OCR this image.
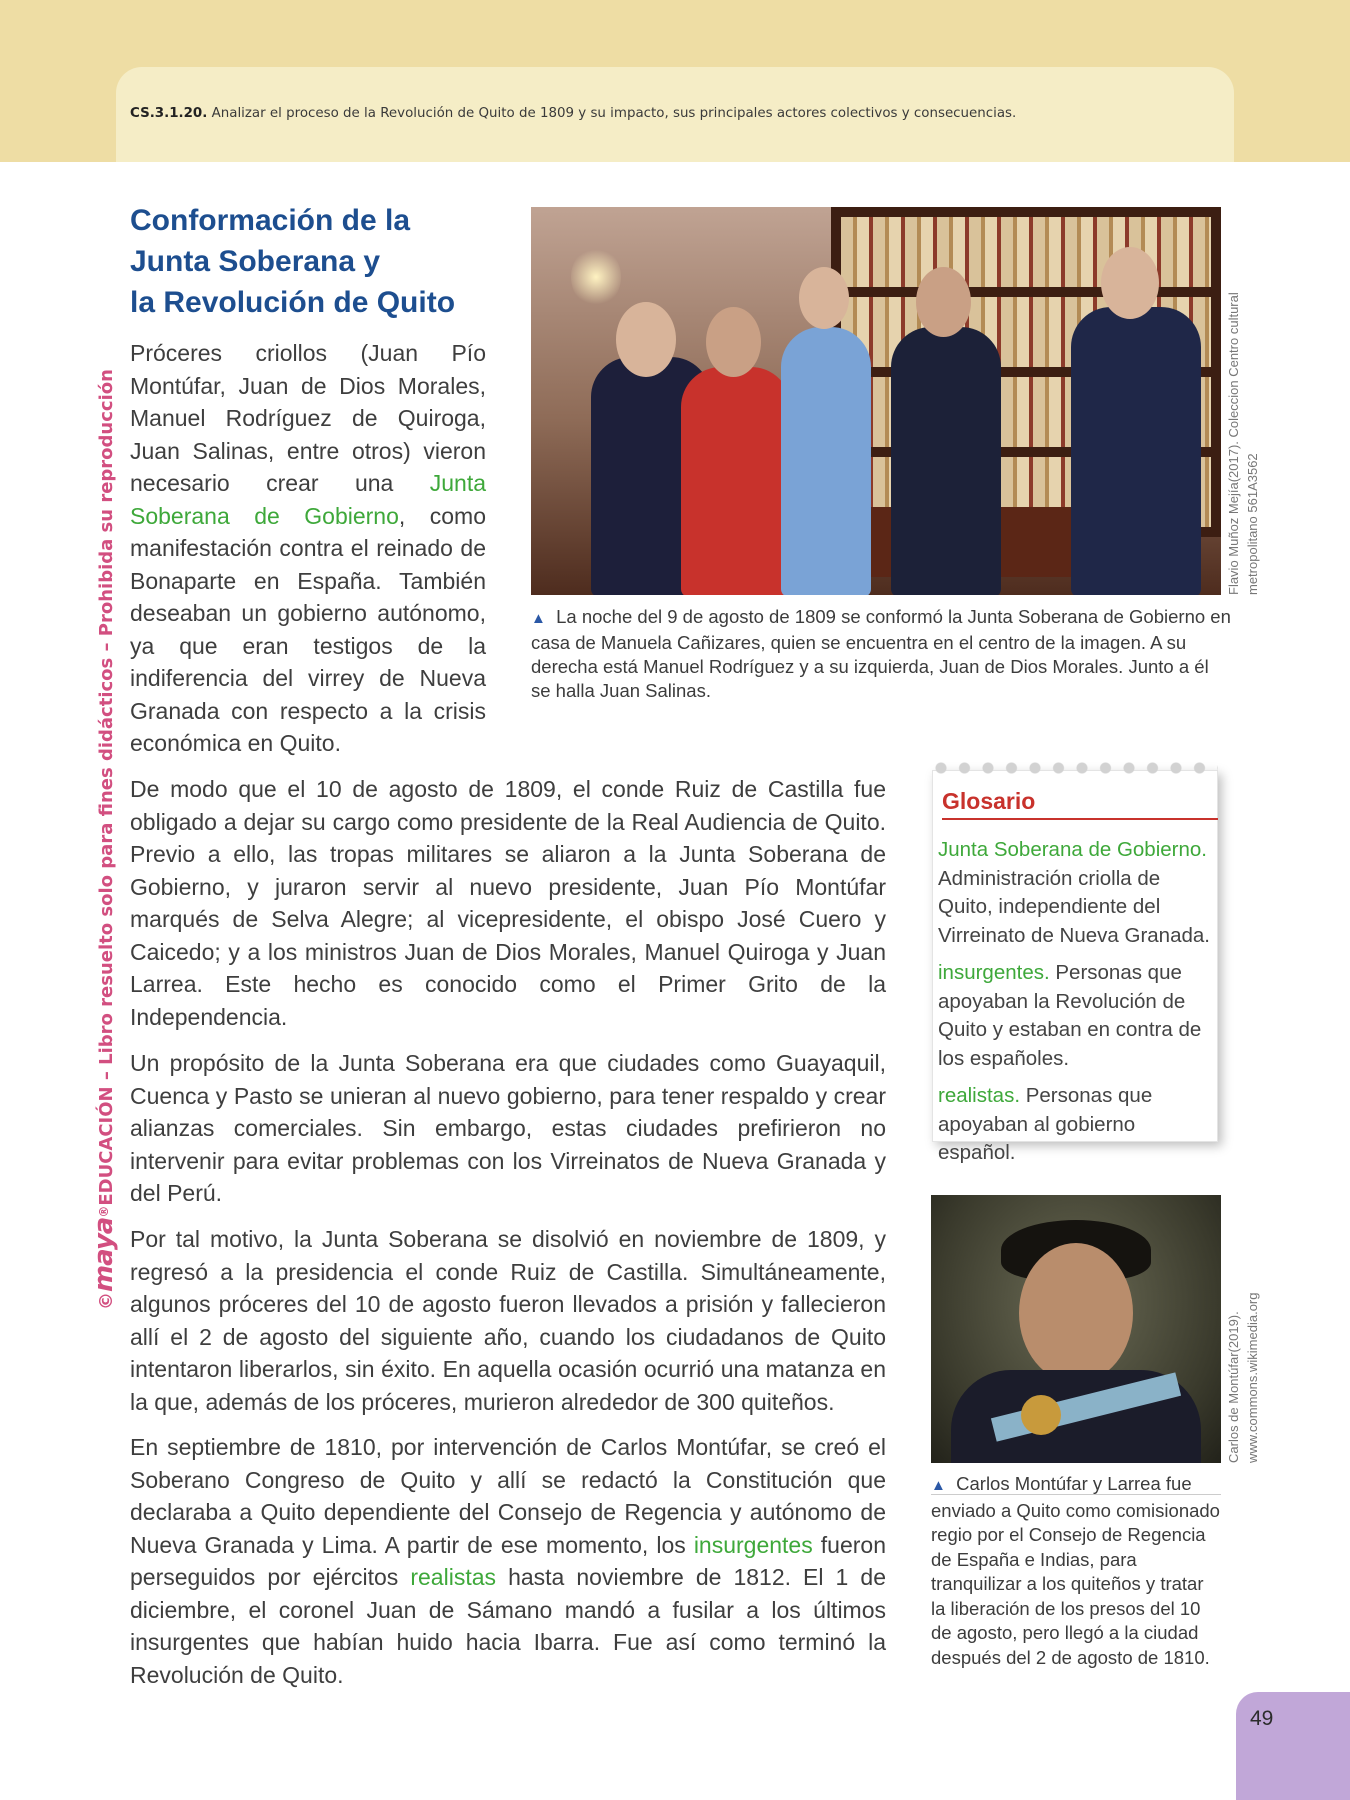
CS.3.1.20. Analizar el proceso de la Revolución de Quito de 1809 y su impacto, sus principales actores colectivos y consecuencias.
©maya®EDUCACIÓN – Libro resuelto solo para fines didácticos – Prohibida su reproducción
Conformación de la
Junta Soberana y
la Revolución de Quito

Próceres criollos (Juan Pío Montúfar, Juan de Dios Morales, Manuel Rodríguez de Quiroga, Juan Salinas, entre otros) vieron necesario crear una Junta Soberana de Gobierno, como manifestación contra el reinado de Bonaparte en España. También deseaban un gobierno autónomo, ya que eran testigos de la indiferencia del virrey de Nueva Granada con respecto a la crisis económica en Quito.

▲ La noche del 9 de agosto de 1809 se conformó la Junta Soberana de Gobierno en casa de Manuela Cañizares, quien se encuentra en el centro de la imagen. A su derecha está Manuel Rodríguez y a su izquierda, Juan de Dios Morales. Junto a él se halla Juan Salinas.

Flavio Muñoz Mejía(2017). Coleccion Centro cultural metropolitano 561A3562

De modo que el 10 de agosto de 1809, el conde Ruiz de Castilla fue obligado a dejar su cargo como presidente de la Real Audiencia de Quito. Previo a ello, las tropas militares se aliaron a la Junta Soberana de Gobierno, y juraron servir al nuevo presidente, Juan Pío Montúfar marqués de Selva Alegre; al vicepresidente, el obispo José Cuero y Caicedo; y a los ministros Juan de Dios Morales, Manuel Quiroga y Juan Larrea. Este hecho es conocido como el Primer Grito de la Independencia.

Un propósito de la Junta Soberana era que ciudades como Guayaquil, Cuenca y Pasto se unieran al nuevo gobierno, para tener respaldo y crear alianzas comerciales. Sin embargo, estas ciudades prefirieron no intervenir para evitar problemas con los Virreinatos de Nueva Granada y del Perú.

Por tal motivo, la Junta Soberana se disolvió en noviembre de 1809, y regresó a la presidencia el conde Ruiz de Castilla. Simultáneamente, algunos próceres del 10 de agosto fueron llevados a prisión y fallecieron allí el 2 de agosto del siguiente año, cuando los ciudadanos de Quito intentaron liberarlos, sin éxito. En aquella ocasión ocurrió una matanza en la que, además de los próceres, murieron alrededor de 300 quiteños.

En septiembre de 1810, por intervención de Carlos Montúfar, se creó el Soberano Congreso de Quito y allí se redactó la Constitución que declaraba a Quito dependiente del Consejo de Regencia y autónomo de Nueva Granada y Lima. A partir de ese momento, los insurgentes fueron perseguidos por ejércitos realistas hasta noviembre de 1812. El 1 de diciembre, el coronel Juan de Sámano mandó a fusilar a los últimos insurgentes que habían huido hacia Ibarra. Fue así como terminó la Revolución de Quito.

Glosario

Junta Soberana de Gobierno. Administración criolla de Quito, independiente del Virreinato de Nueva Granada.

insurgentes. Personas que apoyaban la Revolución de Quito y estaban en contra de los españoles.

realistas. Personas que apoyaban al gobierno español.

Carlos de Montúfar(2019). www.commons.wikimedia.org

▲ Carlos Montúfar y Larrea fue enviado a Quito como comisionado regio por el Consejo de Regencia de España e Indias, para tranquilizar a los quiteños y tratar la liberación de los presos del 10 de agosto, pero llegó a la ciudad después del 2 de agosto de 1810.

49
